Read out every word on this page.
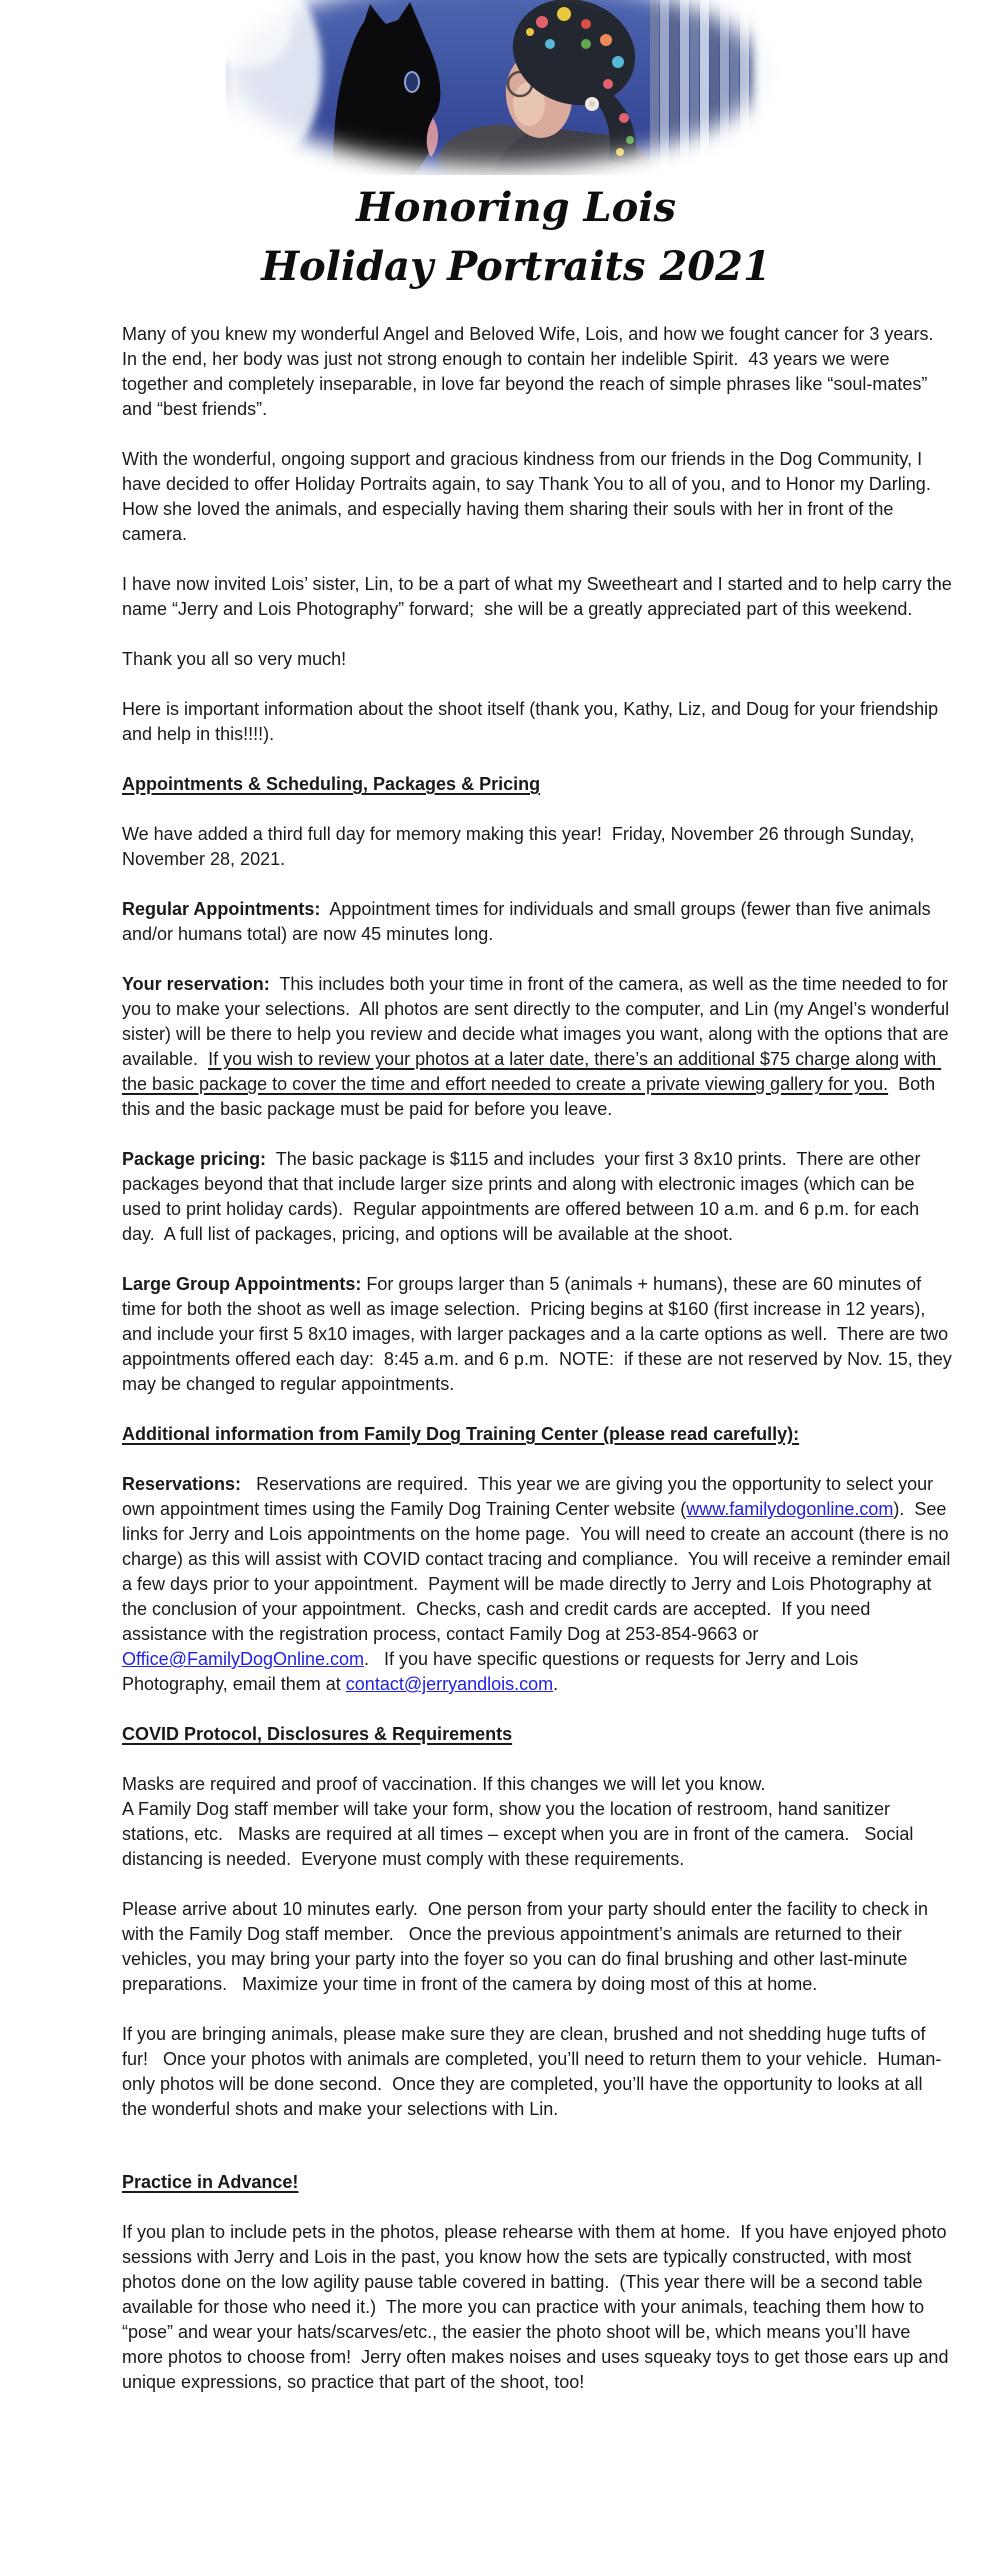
Honoring Lois
Holiday Portraits 2021

Many of you knew my wonderful Angel and Beloved Wife, Lois, and how we fought cancer for 3 years.  In the end, her body was just not strong enough to contain her indelible Spirit.  43 years we were together and completely inseparable, in love far beyond the reach of simple phrases like “soul-mates” and “best friends”.

With the wonderful, ongoing support and gracious kindness from our friends in the Dog Community, I have decided to offer Holiday Portraits again, to say Thank You to all of you, and to Honor my Darling.  How she loved the animals, and especially having them sharing their souls with her in front of the camera.

I have now invited Lois’ sister, Lin, to be a part of what my Sweetheart and I started and to help carry the name “Jerry and Lois Photography” forward;  she will be a greatly appreciated part of this weekend.

Thank you all so very much!

Here is important information about the shoot itself (thank you, Kathy, Liz, and Doug for your friendship and help in this!!!!).

Appointments & Scheduling, Packages & Pricing

We have added a third full day for memory making this year!  Friday, November 26 through Sunday, November 28, 2021.

Regular Appointments:  Appointment times for individuals and small groups (fewer than five animals and/or humans total) are now 45 minutes long.

Your reservation:  This includes both your time in front of the camera, as well as the time needed to for you to make your selections.  All photos are sent directly to the computer, and Lin (my Angel’s wonderful sister) will be there to help you review and decide what images you want, along with the options that are available.  If you wish to review your photos at a later date, there’s an additional $75 charge along with the basic package to cover the time and effort needed to create a private viewing gallery for you.  Both this and the basic package must be paid for before you leave.

Package pricing:  The basic package is $115 and includes  your first 3 8x10 prints.  There are other packages beyond that that include larger size prints and along with electronic images (which can be used to print holiday cards).  Regular appointments are offered between 10 a.m. and 6 p.m. for each day.  A full list of packages, pricing, and options will be available at the shoot.

Large Group Appointments: For groups larger than 5 (animals + humans), these are 60 minutes of time for both the shoot as well as image selection.  Pricing begins at $160 (first increase in 12 years), and include your first 5 8x10 images, with larger packages and a la carte options as well.  There are two appointments offered each day:  8:45 a.m. and 6 p.m.  NOTE:  if these are not reserved by Nov. 15, they may be changed to regular appointments.

Additional information from Family Dog Training Center (please read carefully):

Reservations:   Reservations are required.  This year we are giving you the opportunity to select your own appointment times using the Family Dog Training Center website (www.familydogonline.com).  See links for Jerry and Lois appointments on the home page.  You will need to create an account (there is no charge) as this will assist with COVID contact tracing and compliance.  You will receive a reminder email a few days prior to your appointment.  Payment will be made directly to Jerry and Lois Photography at the conclusion of your appointment.  Checks, cash and credit cards are accepted.  If you need assistance with the registration process, contact Family Dog at 253-854-9663 or Office@FamilyDogOnline.com.   If you have specific questions or requests for Jerry and Lois Photography, email them at contact@jerryandlois.com.

COVID Protocol, Disclosures & Requirements

Masks are required and proof of vaccination. If this changes we will let you know.
A Family Dog staff member will take your form, show you the location of restroom, hand sanitizer stations, etc.   Masks are required at all times – except when you are in front of the camera.   Social distancing is needed.  Everyone must comply with these requirements.

Please arrive about 10 minutes early.  One person from your party should enter the facility to check in with the Family Dog staff member.   Once the previous appointment’s animals are returned to their vehicles, you may bring your party into the foyer so you can do final brushing and other last-minute preparations.   Maximize your time in front of the camera by doing most of this at home.

If you are bringing animals, please make sure they are clean, brushed and not shedding huge tufts of fur!   Once your photos with animals are completed, you’ll need to return them to your vehicle.  Human-only photos will be done second.  Once they are completed, you’ll have the opportunity to looks at all the wonderful shots and make your selections with Lin.

Practice in Advance!

If you plan to include pets in the photos, please rehearse with them at home.  If you have enjoyed photo sessions with Jerry and Lois in the past, you know how the sets are typically constructed, with most photos done on the low agility pause table covered in batting.  (This year there will be a second table available for those who need it.)  The more you can practice with your animals, teaching them how to “pose” and wear your hats/scarves/etc., the easier the photo shoot will be, which means you’ll have more photos to choose from!  Jerry often makes noises and uses squeaky toys to get those ears up and unique expressions, so practice that part of the shoot, too!
